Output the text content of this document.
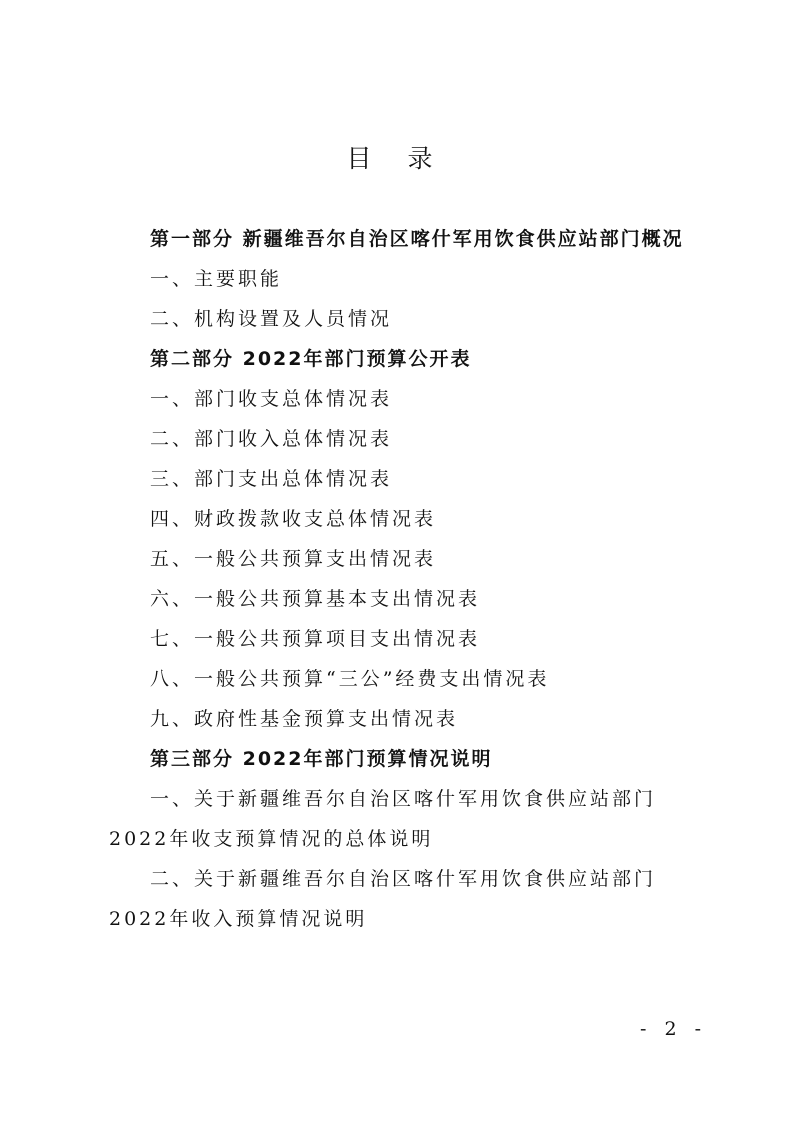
目 录
第一部分 新疆维吾尔自治区喀什军用饮食供应站部门概况
一、主要职能
二、机构设置及人员情况
第二部分 2022年部门预算公开表
一、部门收支总体情况表
二、部门收入总体情况表
三、部门支出总体情况表
四、财政拨款收支总体情况表
五、一般公共预算支出情况表
六、一般公共预算基本支出情况表
七、一般公共预算项目支出情况表
八、一般公共预算“三公”经费支出情况表
九、政府性基金预算支出情况表
第三部分 2022年部门预算情况说明
一、关于新疆维吾尔自治区喀什军用饮食供应站部门2022年收支预算情况的总体说明
二、关于新疆维吾尔自治区喀什军用饮食供应站部门2022年收入预算情况说明
- 2 -
